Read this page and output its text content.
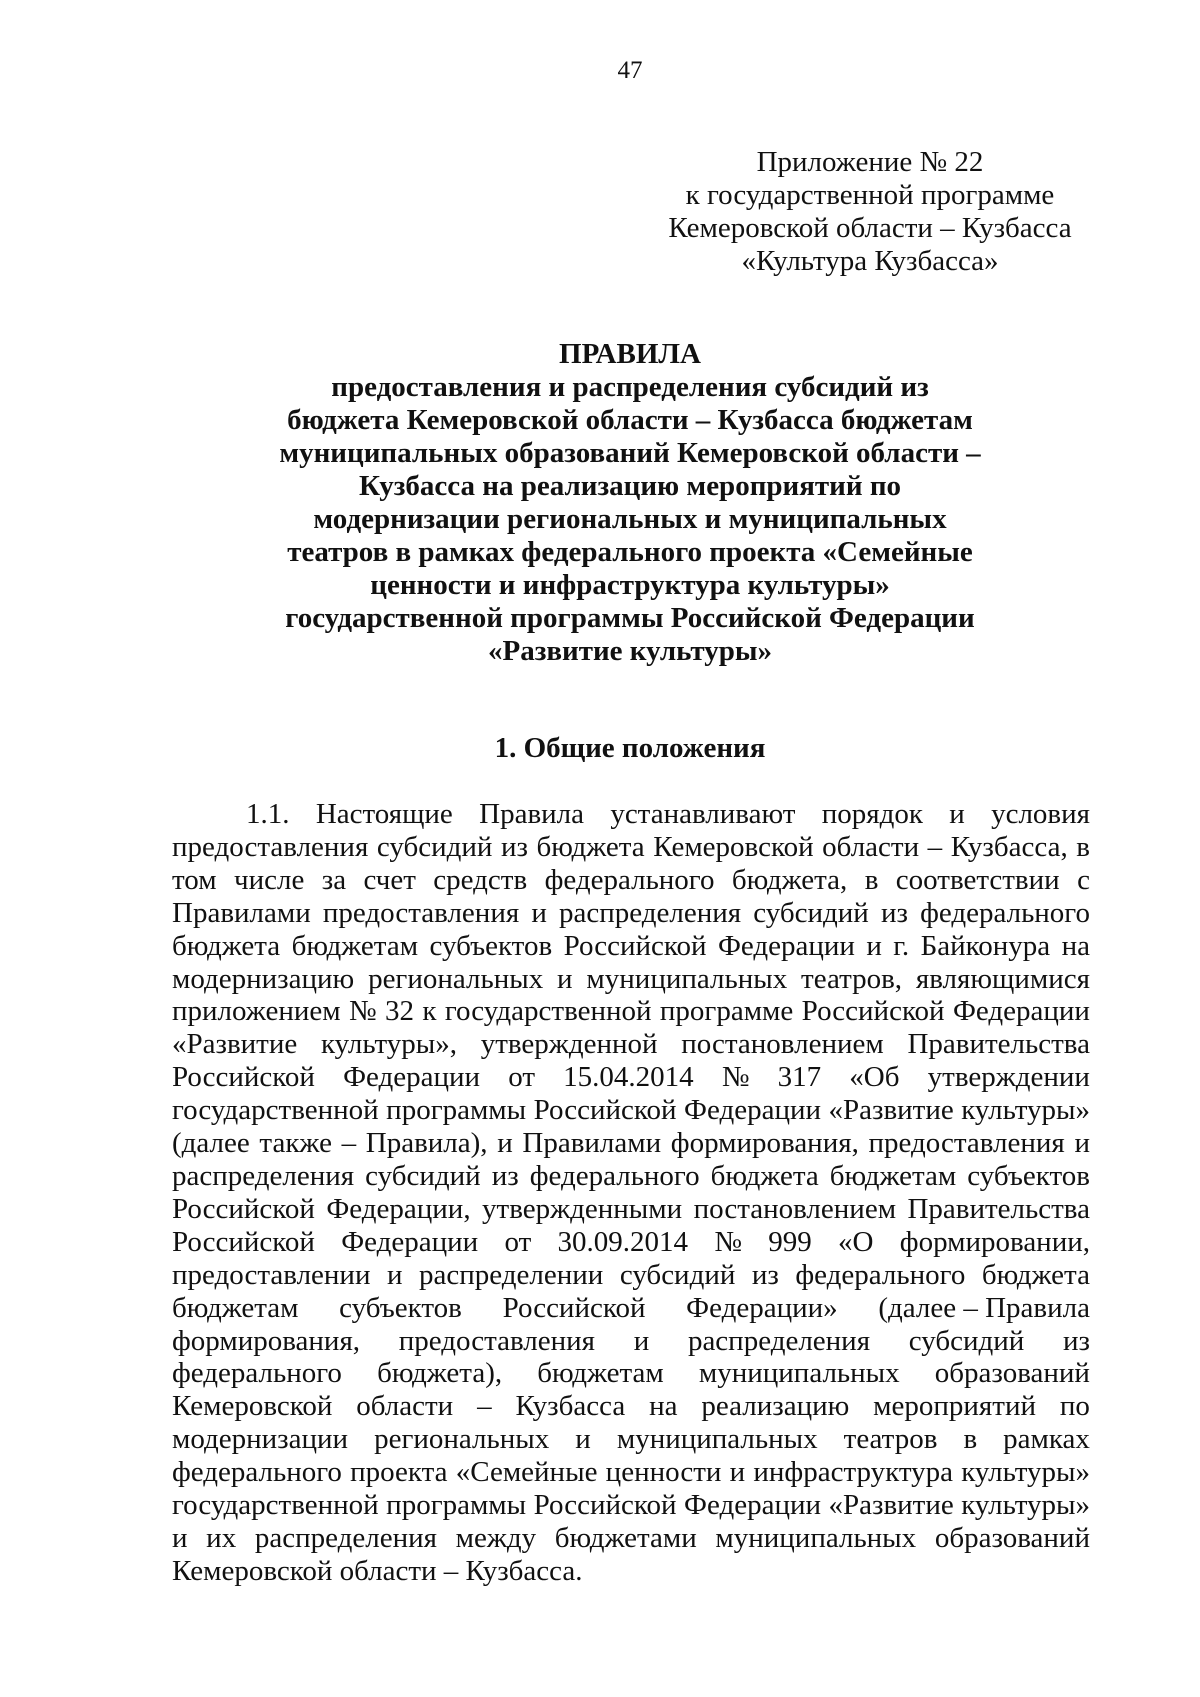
47
Приложение № 22
к государственной программе
Кемеровской области – Кузбасса
«Культура Кузбасса»
ПРАВИЛА
предоставления и распределения субсидий из
бюджета Кемеровской области – Кузбасса бюджетам
муниципальных образований Кемеровской области –
Кузбасса на реализацию мероприятий по
модернизации региональных и муниципальных
театров в рамках федерального проекта «Семейные
ценности и инфраструктура культуры»
государственной программы Российской Федерации
«Развитие культуры»
1. Общие положения
1.1. Настоящие Правила устанавливают порядок и условия
предоставления субсидий из бюджета Кемеровской области – Кузбасса, в
том числе за счет средств федерального бюджета, в соответствии с
Правилами предоставления и распределения субсидий из федерального
бюджета бюджетам субъектов Российской Федерации и г. Байконура на
модернизацию региональных и муниципальных театров, являющимися
приложением № 32 к государственной программе Российской Федерации
«Развитие культуры», утвержденной постановлением Правительства
Российской Федерации от 15.04.2014 № 317 «Об утверждении
государственной программы Российской Федерации «Развитие культуры»
(далее также – Правила), и Правилами формирования, предоставления и
распределения субсидий из федерального бюджета бюджетам субъектов
Российской Федерации, утвержденными постановлением Правительства
Российской Федерации от 30.09.2014 № 999 «О формировании,
предоставлении и распределении субсидий из федерального бюджета
бюджетам субъектов Российской Федерации» (далее – Правила
формирования, предоставления и распределения субсидий из
федерального бюджета), бюджетам муниципальных образований
Кемеровской области – Кузбасса на реализацию мероприятий по
модернизации региональных и муниципальных театров в рамках
федерального проекта «Семейные ценности и инфраструктура культуры»
государственной программы Российской Федерации «Развитие культуры»
и их распределения между бюджетами муниципальных образований
Кемеровской области – Кузбасса.
